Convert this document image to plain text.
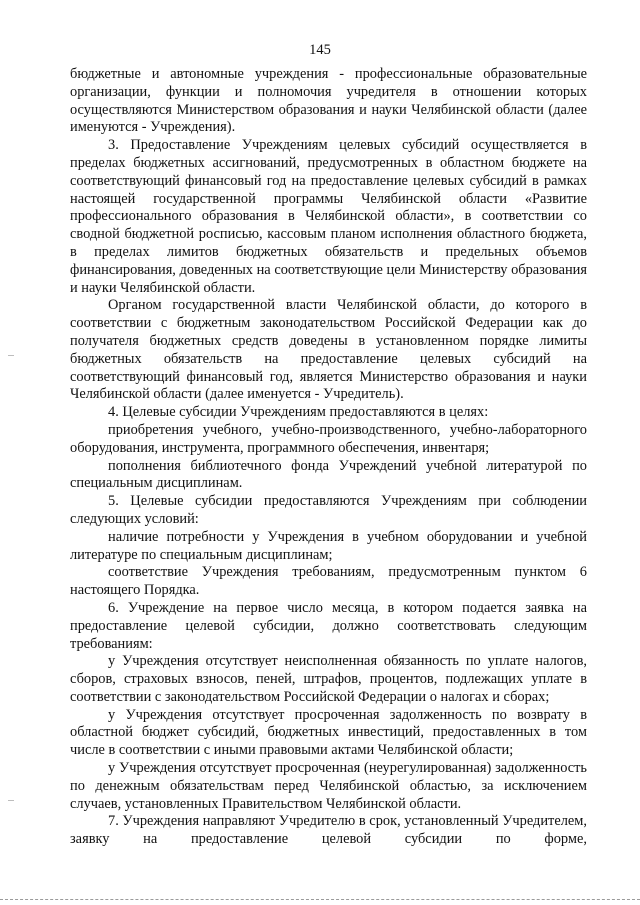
145

бюджетные и автономные учреждения - профессиональные образовательные организации, функции и полномочия учредителя в отношении которых осуществляются Министерством образования и науки Челябинской области (далее именуются - Учреждения).

3. Предоставление Учреждениям целевых субсидий осуществляется в пределах бюджетных ассигнований, предусмотренных в областном бюджете на соответствующий финансовый год на предоставление целевых субсидий в рамках настоящей государственной программы Челябинской области «Развитие профессионального образования в Челябинской области», в соответствии со сводной бюджетной росписью, кассовым планом исполнения областного бюджета, в пределах лимитов бюджетных обязательств и предельных объемов финансирования, доведенных на соответствующие цели Министерству образования и науки Челябинской области.

Органом государственной власти Челябинской области, до которого в соответствии с бюджетным законодательством Российской Федерации как до получателя бюджетных средств доведены в установленном порядке лимиты бюджетных обязательств на предоставление целевых субсидий на соответствующий финансовый год, является Министерство образования и науки Челябинской области (далее именуется - Учредитель).

4. Целевые субсидии Учреждениям предоставляются в целях:

приобретения учебного, учебно-производственного, учебно-лабораторного оборудования, инструмента, программного обеспечения, инвентаря;

пополнения библиотечного фонда Учреждений учебной литературой по специальным дисциплинам.

5. Целевые субсидии предоставляются Учреждениям при соблюдении следующих условий:

наличие потребности у Учреждения в учебном оборудовании и учебной литературе по специальным дисциплинам;

соответствие Учреждения требованиям, предусмотренным пунктом 6 настоящего Порядка.

6. Учреждение на первое число месяца, в котором подается заявка на предоставление целевой субсидии, должно соответствовать следующим требованиям:

у Учреждения отсутствует неисполненная обязанность по уплате налогов, сборов, страховых взносов, пеней, штрафов, процентов, подлежащих уплате в соответствии с законодательством Российской Федерации о налогах и сборах;

у Учреждения отсутствует просроченная задолженность по возврату в областной бюджет субсидий, бюджетных инвестиций, предоставленных в том числе в соответствии с иными правовыми актами Челябинской области;

у Учреждения отсутствует просроченная (неурегулированная) задолженность по денежным обязательствам перед Челябинской областью, за исключением случаев, установленных Правительством Челябинской области.

7. Учреждения направляют Учредителю в срок, установленный Учредителем, заявку на предоставление целевой субсидии по форме,
